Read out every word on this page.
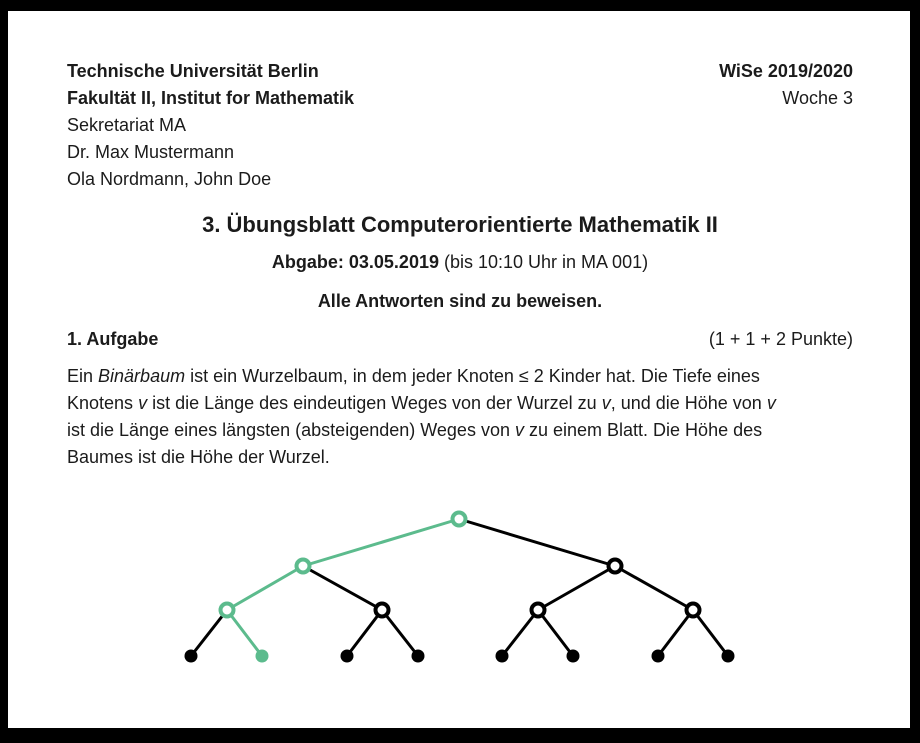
Technische Universität Berlin
Fakultät II, Institut for Mathematik
Sekretariat MA
Dr. Max Mustermann
Ola Nordmann, John Doe
WiSe 2019/2020
Woche 3
3. Übungsblatt Computerorientierte Mathematik II
Abgabe: 03.05.2019 (bis 10:10 Uhr in MA 001)
Alle Antworten sind zu beweisen.
1. Aufgabe	(1 + 1 + 2 Punkte)
Ein Binärbaum ist ein Wurzelbaum, in dem jeder Knoten ≤ 2 Kinder hat. Die Tiefe eines
Knotens v ist die Länge des eindeutigen Weges von der Wurzel zu v, und die Höhe von v
ist die Länge eines längsten (absteigenden) Weges von v zu einem Blatt. Die Höhe des
Baumes ist die Höhe der Wurzel.
